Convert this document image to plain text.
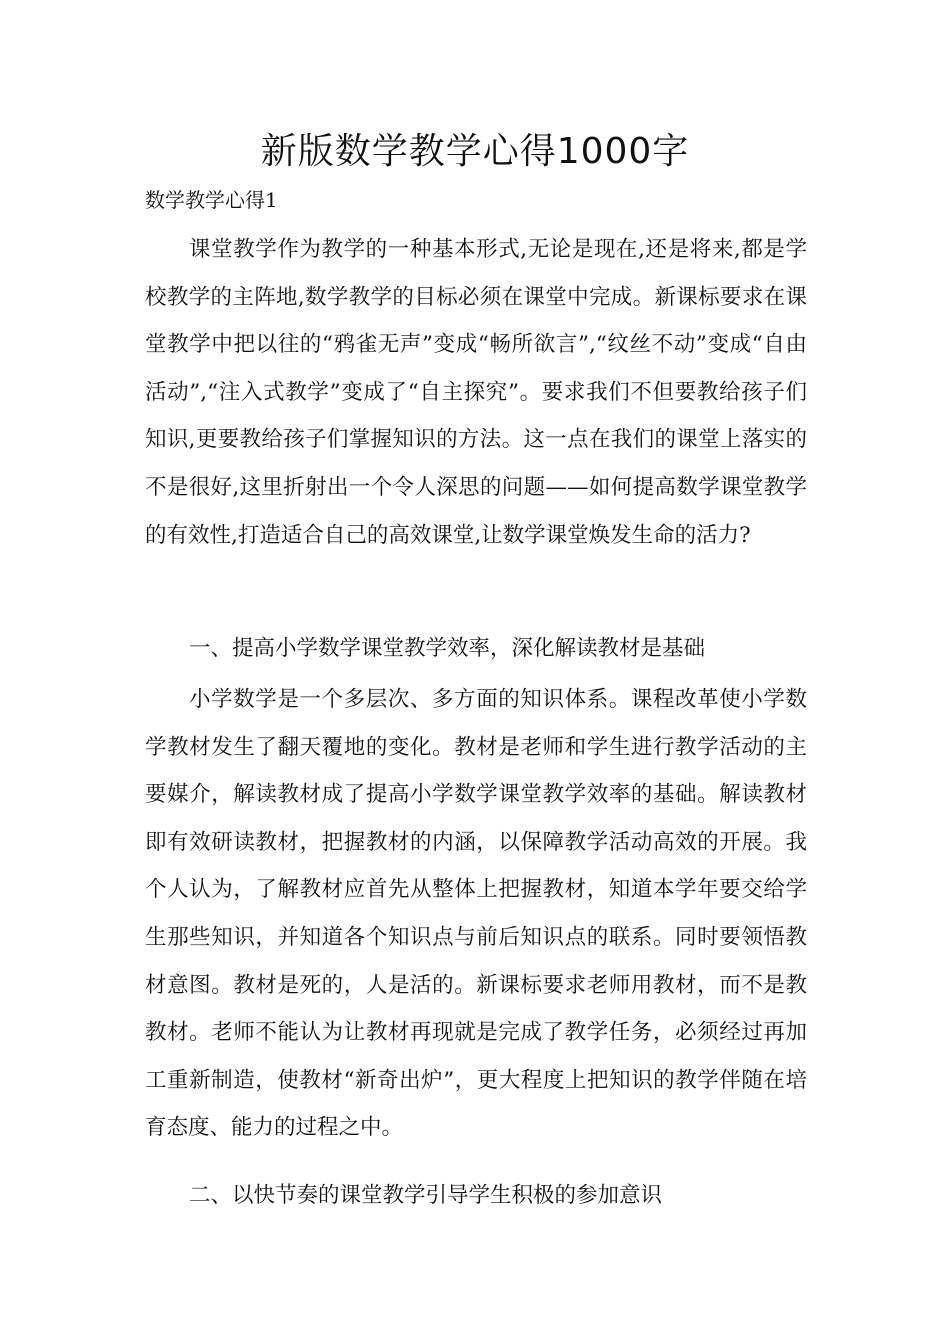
新版数学教学心得1000字

数学教学心得1

课堂教学作为教学的一种基本形式,无论是现在,还是将来,都是学校教学的主阵地,数学教学的目标必须在课堂中完成。新课标要求在课堂教学中把以往的“鸦雀无声”变成“畅所欲言”,“纹丝不动”变成“自由活动”,“注入式教学”变成了“自主探究”。要求我们不但要教给孩子们知识,更要教给孩子们掌握知识的方法。这一点在我们的课堂上落实的不是很好,这里折射出一个令人深思的问题——如何提高数学课堂教学的有效性,打造适合自己的高效课堂,让数学课堂焕发生命的活力?

一、提高小学数学课堂教学效率，深化解读教材是基础

小学数学是一个多层次、多方面的知识体系。课程改革使小学数学教材发生了翻天覆地的变化。教材是老师和学生进行教学活动的主要媒介，解读教材成了提高小学数学课堂教学效率的基础。解读教材即有效研读教材，把握教材的内涵，以保障教学活动高效的开展。我个人认为，了解教材应首先从整体上把握教材，知道本学年要交给学生那些知识，并知道各个知识点与前后知识点的联系。同时要领悟教材意图。教材是死的，人是活的。新课标要求老师用教材，而不是教教材。老师不能认为让教材再现就是完成了教学任务，必须经过再加工重新制造，使教材“新奇出炉”，更大程度上把知识的教学伴随在培育态度、能力的过程之中。

二、以快节奏的课堂教学引导学生积极的参加意识
